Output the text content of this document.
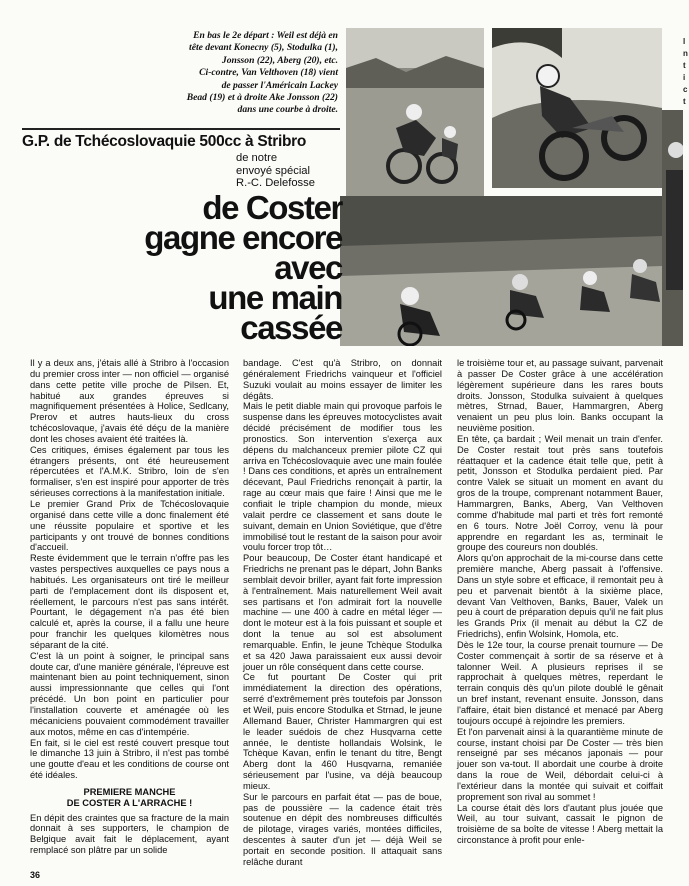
En bas le 2e départ : Weil est déjà en
tête devant Konecny (5), Stodulka (1),
Jonsson (22), Aberg (20), etc.
Ci-contre, Van Velthoven (18) vient
de passer l'Américain Lackey
Bead (19) et à droite Ake Jonsson (22)
dans une courbe à droite.
l
n
t
i
c
t
G.P. de Tchécoslovaquie 500cc à Stribro
de notre
envoyé spécial
R.-C. Delefosse
de Coster
gagne encore
avec
une main
cassée

Il y a deux ans, j'étais allé à Stribro à l'occasion du premier cross inter — non officiel — organisé dans cette petite ville proche de Pilsen. Et, habitué aux grandes épreuves si magnifiquement présentées à Holice, Sedlcany, Prerov et autres hauts-lieux du cross tchécoslovaque, j'avais été déçu de la manière dont les choses avaient été traitées là.

Ces critiques, émises également par tous les étrangers présents, ont été heureusement répercutées et l'A.M.K. Stribro, loin de s'en formaliser, s'en est inspiré pour apporter de très sérieuses corrections à la manifestation initiale.

Le premier Grand Prix de Tchécoslovaquie organisé dans cette ville a donc finalement été une réussite populaire et sportive et les participants y ont trouvé de bonnes conditions d'accueil.

Reste évidemment que le terrain n'offre pas les vastes perspectives auxquelles ce pays nous a habitués. Les organisateurs ont tiré le meilleur parti de l'emplacement dont ils disposent et, réellement, le parcours n'est pas sans intérêt. Pourtant, le dégagement n'a pas été bien calculé et, après la course, il a fallu une heure pour franchir les quelques kilomètres nous séparant de la cité.

C'est là un point à soigner, le principal sans doute car, d'une manière générale, l'épreuve est maintenant bien au point techniquement, sinon aussi impressionnante que celles qui l'ont précédé. Un bon point en particulier pour l'installation couverte et aménagée où les mécaniciens pouvaient commodément travailler aux motos, même en cas d'intempérie.

En fait, si le ciel est resté couvert presque tout le dimanche 13 juin à Stribro, il n'est pas tombé une goutte d'eau et les conditions de course ont été idéales.

PREMIERE MANCHE
DE COSTER A L'ARRACHE !

En dépit des craintes que sa fracture de la main donnait à ses supporters, le champion de Belgique avait fait le déplacement, ayant remplacé son plâtre par un solide

bandage. C'est qu'à Stribro, on donnait généralement Friedrichs vainqueur et l'officiel Suzuki voulait au moins essayer de limiter les dégâts.

Mais le petit diable main qui provoque parfois le suspense dans les épreuves motocyclistes avait décidé précisément de modifier tous les pronostics. Son intervention s'exerça aux dépens du malchanceux premier pilote CZ qui arriva en Tchécoslovaquie avec une main foulée ! Dans ces conditions, et après un entraînement décevant, Paul Friedrichs renonçait à partir, la rage au cœur mais que faire ! Ainsi que me le confiait le triple champion du monde, mieux valait perdre ce classement et sans doute le suivant, demain en Union Soviétique, que d'être immobilisé tout le restant de la saison pour avoir voulu forcer trop tôt…

Pour beaucoup, De Coster étant handicapé et Friedrichs ne prenant pas le départ, John Banks semblait devoir briller, ayant fait forte impression à l'entraînement. Mais naturellement Weil avait ses partisans et l'on admirait fort la nouvelle machine — une 400 à cadre en métal léger — dont le moteur est à la fois puissant et souple et dont la tenue au sol est absolument remarquable. Enfin, le jeune Tchèque Stodulka et sa 420 Jawa paraissaient eux aussi devoir jouer un rôle conséquent dans cette course.

Ce fut pourtant De Coster qui prit immédiatement la direction des opérations, serré d'extrêmement près toutefois par Jonsson et Weil, puis encore Stodulka et Strnad, le jeune Allemand Bauer, Christer Hammargren qui est le leader suédois de chez Husqvarna cette année, le dentiste hollandais Wolsink, le Tchèque Kavan, enfin le tenant du titre, Bengt Aberg dont la 460 Husqvarna, remaniée sérieusement par l'usine, va déjà beaucoup mieux.

Sur le parcours en parfait état — pas de boue, pas de poussière — la cadence était très soutenue en dépit des nombreuses difficultés de pilotage, virages variés, montées difficiles, descentes à sauter d'un jet — déjà Weil se portait en seconde position. Il attaquait sans relâche durant

le troisième tour et, au passage suivant, parvenait à passer De Coster grâce à une accélération légèrement supérieure dans les rares bouts droits. Jonsson, Stodulka suivaient à quelques mètres, Strnad, Bauer, Hammargren, Aberg venaient un peu plus loin. Banks occupant la neuvième position.

En tête, ça bardait ; Weil menait un train d'enfer. De Coster restait tout près sans toutefois réattaquer et la cadence était telle que, petit à petit, Jonsson et Stodulka perdaient pied. Par contre Valek se situait un moment en avant du gros de la troupe, comprenant notamment Bauer, Hammargren, Banks, Aberg, Van Velthoven comme d'habitude mal parti et très fort remonté en 6 tours. Notre Joël Corroy, venu là pour apprendre en regardant les as, terminait le groupe des coureurs non doublés.

Alors qu'on approchait de la mi-course dans cette première manche, Aberg passait à l'offensive. Dans un style sobre et efficace, il remontait peu à peu et parvenait bientôt à la sixième place, devant Van Velthoven, Banks, Bauer, Valek un peu à court de préparation depuis qu'il ne fait plus les Grands Prix (il menait au début la CZ de Friedrichs), enfin Wolsink, Homola, etc.

Dès le 12e tour, la course prenait tournure — De Coster commençait à sortir de sa réserve et à talonner Weil. A plusieurs reprises il se rapprochait à quelques mètres, reperdant le terrain conquis dès qu'un pilote doublé le gênait un bref instant, revenant ensuite. Jonsson, dans l'affaire, était bien distancé et menacé par Aberg toujours occupé à rejoindre les premiers.

Et l'on parvenait ainsi à la quarantième minute de course, instant choisi par De Coster — très bien renseigné par ses mécanos japonais — pour jouer son va-tout. Il abordait une courbe à droite dans la roue de Weil, débordait celui-ci à l'extérieur dans la montée qui suivait et coiffait proprement son rival au sommet !

La course était dès lors d'autant plus jouée que Weil, au tour suivant, cassait le pignon de troisième de sa boîte de vitesse ! Aberg mettait la circonstance à profit pour enle-

36
